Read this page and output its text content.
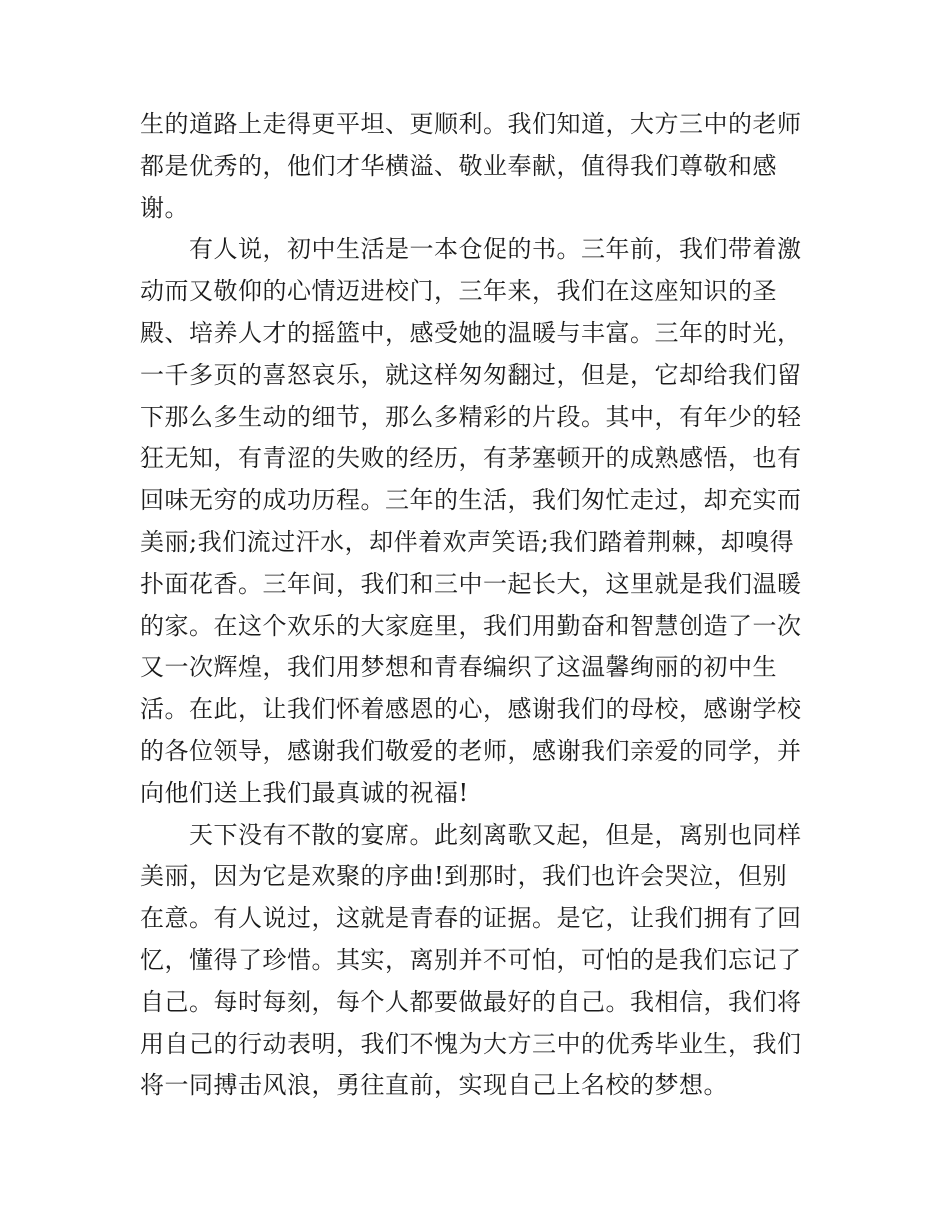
生的道路上走得更平坦、更顺利。我们知道，大方三中的老师
都是优秀的，他们才华横溢、敬业奉献，值得我们尊敬和感
谢。
　　有人说，初中生活是一本仓促的书。三年前，我们带着激
动而又敬仰的心情迈进校门，三年来，我们在这座知识的圣
殿、培养人才的摇篮中，感受她的温暖与丰富。三年的时光，
一千多页的喜怒哀乐，就这样匆匆翻过，但是，它却给我们留
下那么多生动的细节，那么多精彩的片段。其中，有年少的轻
狂无知，有青涩的失败的经历，有茅塞顿开的成熟感悟，也有
回味无穷的成功历程。三年的生活，我们匆忙走过，却充实而
美丽;我们流过汗水，却伴着欢声笑语;我们踏着荆棘，却嗅得
扑面花香。三年间，我们和三中一起长大，这里就是我们温暖
的家。在这个欢乐的大家庭里，我们用勤奋和智慧创造了一次
又一次辉煌，我们用梦想和青春编织了这温馨绚丽的初中生
活。在此，让我们怀着感恩的心，感谢我们的母校，感谢学校
的各位领导，感谢我们敬爱的老师，感谢我们亲爱的同学，并
向他们送上我们最真诚的祝福!
　　天下没有不散的宴席。此刻离歌又起，但是，离别也同样
美丽，因为它是欢聚的序曲!到那时，我们也许会哭泣，但别
在意。有人说过，这就是青春的证据。是它，让我们拥有了回
忆，懂得了珍惜。其实，离别并不可怕，可怕的是我们忘记了
自己。每时每刻，每个人都要做最好的自己。我相信，我们将
用自己的行动表明，我们不愧为大方三中的优秀毕业生，我们
将一同搏击风浪，勇往直前，实现自己上名校的梦想。
